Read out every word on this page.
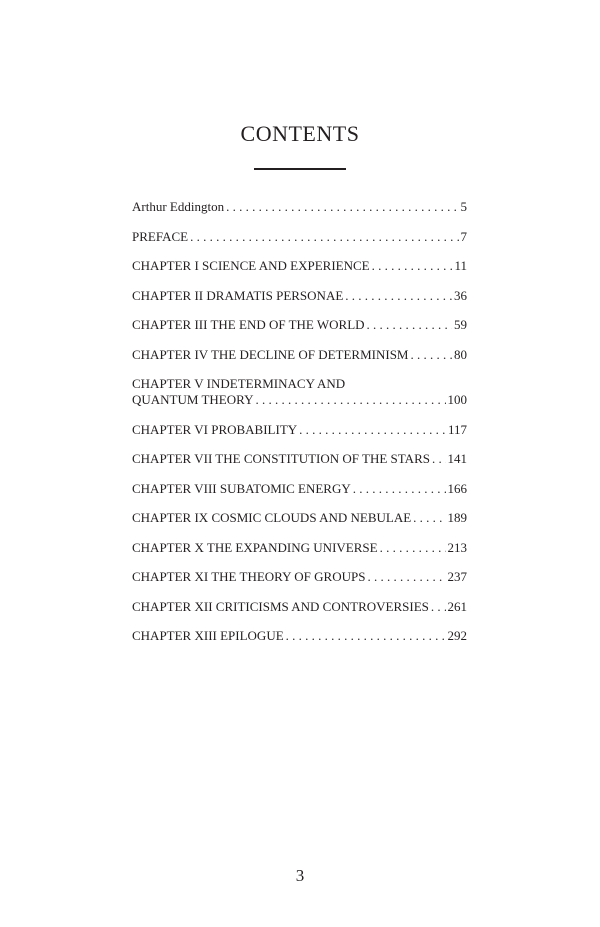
CONTENTS
Arthur Eddington . . .	5
PREFACE . . .	7
CHAPTER I SCIENCE AND EXPERIENCE . . .	11
CHAPTER II DRAMATIS PERSONAE . . .	36
CHAPTER III THE END OF THE WORLD . . .	59
CHAPTER IV THE DECLINE OF DETERMINISM . . .	80
CHAPTER V INDETERMINACY AND
QUANTUM THEORY . . .	100
CHAPTER VI PROBABILITY . . .	117
CHAPTER VII THE CONSTITUTION OF THE STARS . . . 141
CHAPTER VIII SUBATOMIC ENERGY . . .	166
CHAPTER IX COSMIC CLOUDS AND NEBULAE . . .	189
CHAPTER X THE EXPANDING UNIVERSE . . .	213
CHAPTER XI THE THEORY OF GROUPS . . .	237
CHAPTER XII CRITICISMS AND CONTROVERSIES . . . 261
CHAPTER XIII EPILOGUE . . .	292
3
